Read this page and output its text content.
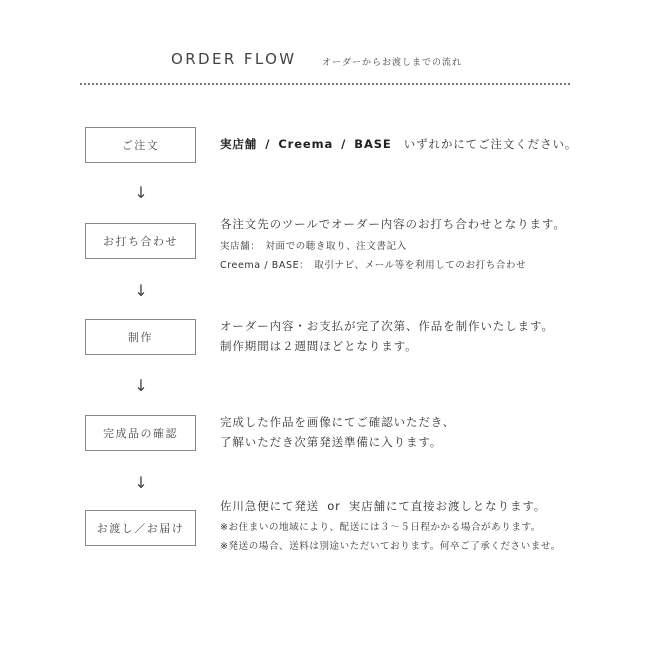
ORDER FLOW	オーダーからお渡しまでの流れ
ご注文	実店舗 / Creema / BASE いずれかにてご注文ください。
↓
お打ち合わせ
各注文先のツールでオーダー内容のお打ち合わせとなります。
実店舗： 対面での聴き取り、注文書記入
Creema / BASE： 取引ナビ、メール等を利用してのお打ち合わせ
↓
制作
オーダー内容・お支払が完了次第、作品を制作いたします。
制作期間は２週間ほどとなります。
↓
完成品の確認
完成した作品を画像にてご確認いただき、
了解いただき次第発送準備に入ります。
↓
お渡し／お届け
佐川急便にて発送 or 実店舗にて直接お渡しとなります。
※お住まいの地域により、配送には３～５日程かかる場合があります。
※発送の場合、送料は別途いただいております。何卒ご了承くださいませ。
